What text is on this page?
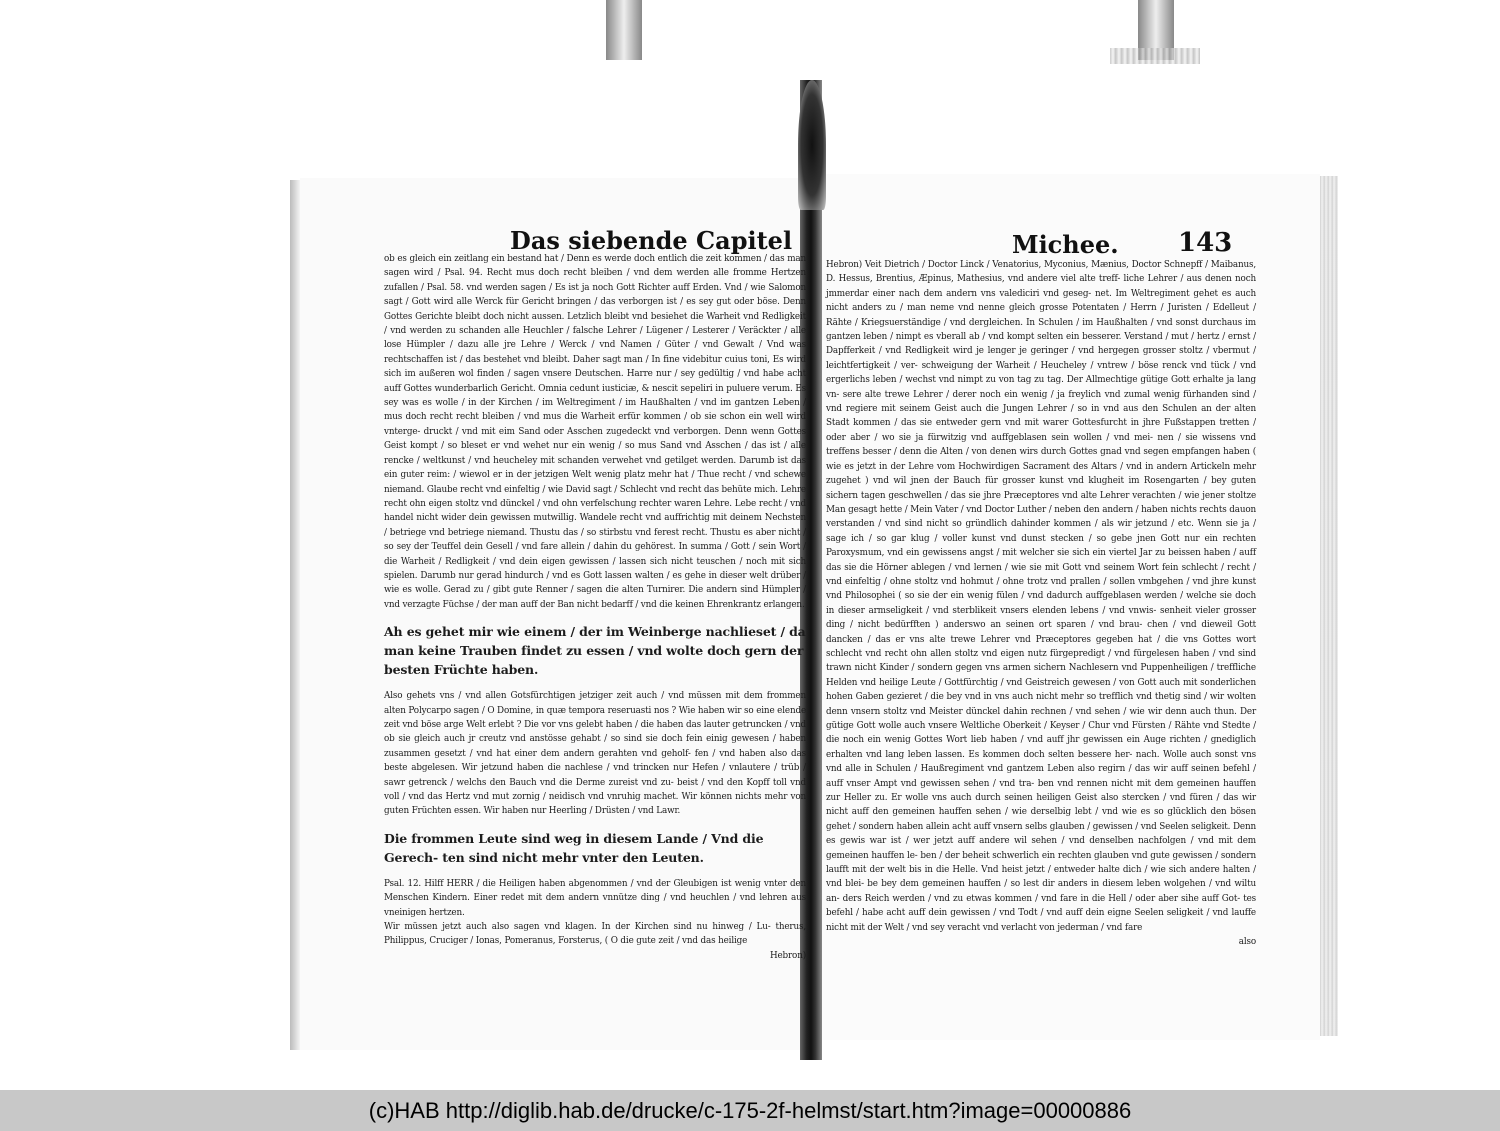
Das siebende Capitel	Michee. 143

ob es gleich ein zeitlang ein bestand hat / Denn es werde doch entlich die zeit kommen / das man sagen wird / Psal. 94. Recht mus doch recht bleiben / vnd dem werden alle fromme Hertzen zufallen / Psal. 58. vnd werden sagen / Es ist ja noch Gott Richter auff Erden. Vnd / wie Salomon sagt / Gott wird alle Werck für Gericht bringen / das verborgen ist / es sey gut oder böse. Denn Gottes Gerichte bleibt doch nicht aussen. Letzlich bleibt vnd besiehet die Warheit vnd Redligkeit / vnd werden zu schanden alle Heuchler / falsche Lehrer / Lügener / Lesterer / Veräckter / alle lose Hümpler / dazu alle jre Lehre / Werck / vnd Namen / Güter / vnd Gewalt / Vnd was rechtschaffen ist / das bestehet vnd bleibt. Daher sagt man / In fine videbitur cuius toni, Es wird sich im außeren wol finden / sagen vnsere Deutschen. Harre nur / sey gedültig / vnd habe acht auff Gottes wunderbarlich Gericht. Omnia cedunt iusticiæ, & nescit sepeliri in puluere verum. Es sey was es wolle / in der Kirchen / im Weltregiment / im Haußhalten / vnd im gantzen Leben / mus doch recht recht bleiben / vnd mus die Warheit erfür kommen / ob sie schon ein well wird vnterge- druckt / vnd mit eim Sand oder Asschen zugedeckt vnd verborgen. Denn wenn Gottes Geist kompt / so bleset er vnd wehet nur ein wenig / so mus Sand vnd Asschen / das ist / alle rencke / weltkunst / vnd heucheley mit schanden verwehet vnd getilget werden. Darumb ist das ein guter reim: / wiewol er in der jetzigen Welt wenig platz mehr hat / Thue recht / vnd schewe niemand. Glaube recht vnd einfeltig / wie David sagt / Schlecht vnd recht das behüte mich. Lehre recht ohn eigen stoltz vnd dünckel / vnd ohn verfelschung rechter waren Lehre. Lebe recht / vnd handel nicht wider dein gewissen mutwillig. Wandele recht vnd auffrichtig mit deinem Nechsten / betriege vnd betriege niemand. Thustu das / so stirbstu vnd ferest recht. Thustu es aber nicht / so sey der Teuffel dein Gesell / vnd fare allein / dahin du gehörest. In summa / Gott / sein Wort / die Warheit / Redligkeit / vnd dein eigen gewissen / lassen sich nicht teuschen / noch mit sich spielen. Darumb nur gerad hindurch / vnd es Gott lassen walten / es gehe in dieser welt drüber / wie es wolle. Gerad zu / gibt gute Renner / sagen die alten Turnirer. Die andern sind Hümpler / vnd verzagte Füchse / der man auff der Ban nicht bedarff / vnd die keinen Ehrenkrantz erlangen.

Ah es gehet mir wie einem / der im Weinberge nachlieset / da man keine Trauben findet zu essen / vnd wolte doch gern der besten Früchte haben.

Also gehets vns / vnd allen Gotsfürchtigen jetziger zeit auch / vnd müssen mit dem frommen alten Polycarpo sagen / O Domine, in quæ tempora reseruasti nos ? Wie haben wir so eine elende zeit vnd böse arge Welt erlebt ? Die vor vns gelebt haben / die haben das lauter getruncken / vnd ob sie gleich auch jr creutz vnd anstösse gehabt / so sind sie doch fein einig gewesen / haben zusammen gesetzt / vnd hat einer dem andern gerahten vnd geholf- fen / vnd haben also das beste abgelesen. Wir jetzund haben die nachlese / vnd trincken nur Hefen / vnlautere / trüb / sawr getrenck / welchs den Bauch vnd die Derme zureist vnd zu- beist / vnd den Kopff toll vnd voll / vnd das Hertz vnd mut zornig / neidisch vnd vnruhig machet. Wir können nichts mehr von guten Früchten essen. Wir haben nur Heerling / Drüsten / vnd Lawr.

Die frommen Leute sind weg in diesem Lande / Vnd die Gerech- ten sind nicht mehr vnter den Leuten.

Psal. 12. Hilff HERR / die Heiligen haben abgenommen / vnd der Gleubigen ist wenig vnter den Menschen Kindern. Einer redet mit dem andern vnnütze ding / vnd heuchlen / vnd lehren aus vneinigen hertzen.

Wir müssen jetzt auch also sagen vnd klagen. In der Kirchen sind nu hinweg / Lu- therus, Philippus, Cruciger / Ionas, Pomeranus, Forsterus, ( O die gute zeit / vnd das heilige

Hebron)

Hebron) Veit Dietrich / Doctor Linck / Venatorius, Myconius, Mænius, Doctor Schnepff / Maibanus, D. Hessus, Brentius, Æpinus, Mathesius, vnd andere viel alte treff- liche Lehrer / aus denen noch jmmerdar einer nach dem andern vns valediciri vnd geseg- net. Im Weltregiment gehet es auch nicht anders zu / man neme vnd nenne gleich grosse Potentaten / Herrn / Juristen / Edelleut / Rähte / Kriegsuerständige / vnd dergleichen. In Schulen / im Haußhalten / vnd sonst durchaus im gantzen leben / nimpt es vberall ab / vnd kompt selten ein besserer. Verstand / mut / hertz / ernst / Dapfferkeit / vnd Redligkeit wird je lenger je geringer / vnd hergegen grosser stoltz / vbermut / leichtfertigkeit / ver- schweigung der Warheit / Heucheley / vntrew / böse renck vnd tück / vnd ergerlichs leben / wechst vnd nimpt zu von tag zu tag. Der Allmechtige gütige Gott erhalte ja lang vn- sere alte trewe Lehrer / derer noch ein wenig / ja freylich vnd zumal wenig fürhanden sind / vnd regiere mit seinem Geist auch die Jungen Lehrer / so in vnd aus den Schulen an der alten Stadt kommen / das sie entweder gern vnd mit warer Gottesfurcht in jhre Fußstappen tretten / oder aber / wo sie ja fürwitzig vnd auffgeblasen sein wollen / vnd mei- nen / sie wissens vnd treffens besser / denn die Alten / von denen wirs durch Gottes gnad vnd segen empfangen haben ( wie es jetzt in der Lehre vom Hochwirdigen Sacrament des Altars / vnd in andern Artickeln mehr zugehet ) vnd wil jnen der Bauch für grosser kunst vnd klugheit im Rosengarten / bey guten sichern tagen geschwellen / das sie jhre Præceptores vnd alte Lehrer verachten / wie jener stoltze Man gesagt hette / Mein Vater / vnd Doctor Luther / neben den andern / haben nichts rechts dauon verstanden / vnd sind nicht so gründlich dahinder kommen / als wir jetzund / etc. Wenn sie ja / sage ich / so gar klug / voller kunst vnd dunst stecken / so gebe jnen Gott nur ein rechten Paroxysmum, vnd ein gewissens angst / mit welcher sie sich ein viertel Jar zu beissen haben / auff das sie die Hörner ablegen / vnd lernen / wie sie mit Gott vnd seinem Wort fein schlecht / recht / vnd einfeltig / ohne stoltz vnd hohmut / ohne trotz vnd prallen / sollen vmbgehen / vnd jhre kunst vnd Philosophei ( so sie der ein wenig fülen / vnd dadurch auffgeblasen werden / welche sie doch in dieser armseligkeit / vnd sterblikeit vnsers elenden lebens / vnd vnwis- senheit vieler grosser ding / nicht bedürfften ) anderswo an seinen ort sparen / vnd brau- chen / vnd dieweil Gott dancken / das er vns alte trewe Lehrer vnd Præceptores gegeben hat / die vns Gottes wort schlecht vnd recht ohn allen stoltz vnd eigen nutz fürgepredigt / vnd fürgelesen haben / vnd sind trawn nicht Kinder / sondern gegen vns armen sichern Nachlesern vnd Puppenheiligen / treffliche Helden vnd heilige Leute / Gottfürchtig / vnd Geistreich gewesen / von Gott auch mit sonderlichen hohen Gaben gezieret / die bey vnd in vns auch nicht mehr so trefflich vnd thetig sind / wir wolten denn vnsern stoltz vnd Meister dünckel dahin rechnen / vnd sehen / wie wir denn auch thun. Der gütige Gott wolle auch vnsere Weltliche Oberkeit / Keyser / Chur vnd Fürsten / Rähte vnd Stedte / die noch ein wenig Gottes Wort lieb haben / vnd auff jhr gewissen ein Auge richten / gnediglich erhalten vnd lang leben lassen. Es kommen doch selten bessere her- nach. Wolle auch sonst vns vnd alle in Schulen / Haußregiment vnd gantzem Leben also regirn / das wir auff seinen befehl / auff vnser Ampt vnd gewissen sehen / vnd tra- ben vnd rennen nicht mit dem gemeinen hauffen zur Heller zu. Er wolle vns auch durch seinen heiligen Geist also stercken / vnd füren / das wir nicht auff den gemeinen hauffen sehen / wie derselbig lebt / vnd wie es so glücklich den bösen gehet / sondern haben allein acht auff vnsern selbs glauben / gewissen / vnd Seelen seligkeit. Denn es gewis war ist / wer jetzt auff andere wil sehen / vnd denselben nachfolgen / vnd mit dem gemeinen hauffen le- ben / der beheit schwerlich ein rechten glauben vnd gute gewissen / sondern laufft mit der welt bis in die Helle. Vnd heist jetzt / entweder halte dich / wie sich andere halten / vnd blei- be bey dem gemeinen hauffen / so lest dir anders in diesem leben wolgehen / vnd wiltu an- ders Reich werden / vnd zu etwas kommen / vnd fare in die Hell / oder aber sihe auff Got- tes befehl / habe acht auff dein gewissen / vnd Todt / vnd auff dein eigne Seelen seligkeit / vnd lauffe nicht mit der Welt / vnd sey veracht vnd verlacht von jederman / vnd fare

also

(c)HAB http://diglib.hab.de/drucke/c-175-2f-helmst/start.htm?image=00000886
